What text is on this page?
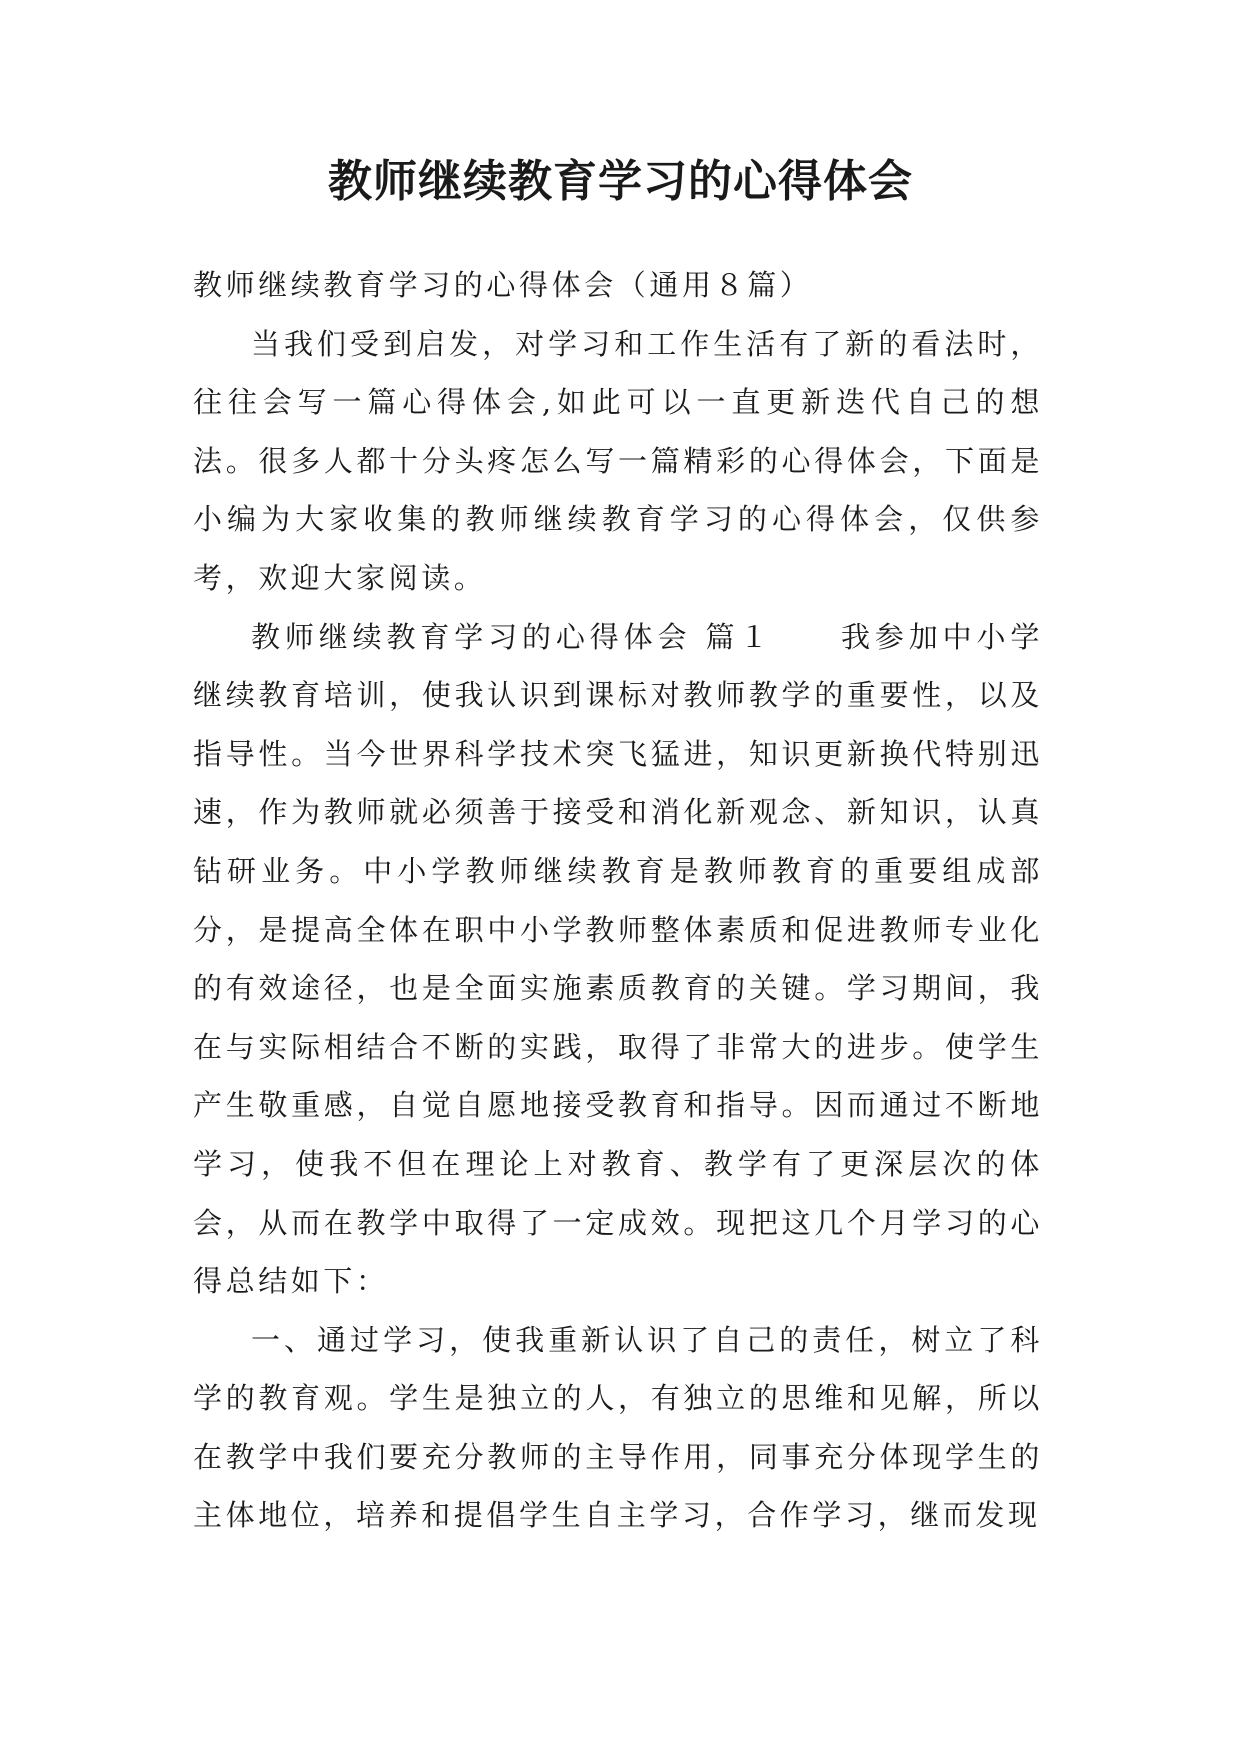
教师继续教育学习的心得体会

教师继续教育学习的心得体会（通用８篇）

当我们受到启发，对学习和工作生活有了新的看法时，往往会写一篇心得体会,如此可以一直更新迭代自己的想法。很多人都十分头疼怎么写一篇精彩的心得体会，下面是小编为大家收集的教师继续教育学习的心得体会，仅供参考，欢迎大家阅读。

教师继续教育学习的心得体会 篇１　　我参加中小学继续教育培训，使我认识到课标对教师教学的重要性，以及指导性。当今世界科学技术突飞猛进，知识更新换代特别迅速，作为教师就必须善于接受和消化新观念、新知识，认真钻研业务。中小学教师继续教育是教师教育的重要组成部分，是提高全体在职中小学教师整体素质和促进教师专业化的有效途径，也是全面实施素质教育的关键。学习期间，我在与实际相结合不断的实践，取得了非常大的进步。使学生产生敬重感，自觉自愿地接受教育和指导。因而通过不断地学习，使我不但在理论上对教育、教学有了更深层次的体会，从而在教学中取得了一定成效。现把这几个月学习的心得总结如下：

一、通过学习，使我重新认识了自己的责任，树立了科学的教育观。学生是独立的人，有独立的思维和见解，所以在教学中我们要充分教师的主导作用，同事充分体现学生的主体地位，培养和提倡学生自主学习，合作学习，继而发现
